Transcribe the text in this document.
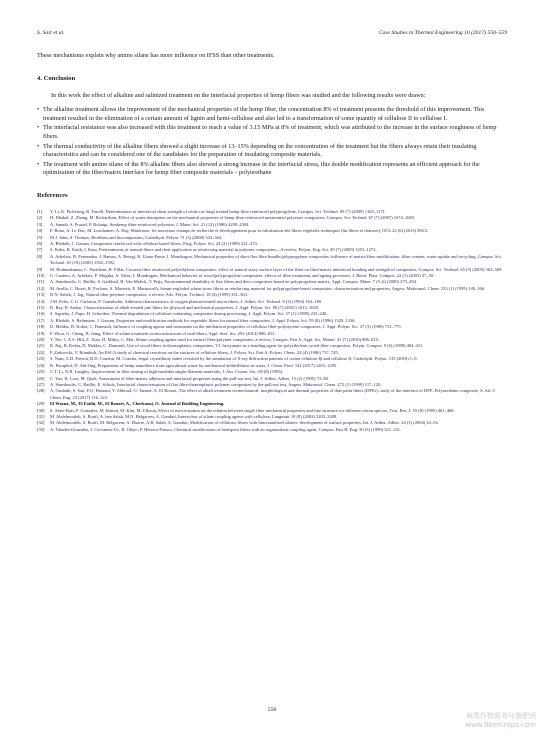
S. Sair et al.	Case Studies in Thermal Engineering 10 (2017) 550–559

These mechanisms explain why amino silane has more influence on IFSS than other treatments.

4. Conclusion

In this work the effect of alkaline and salinized treatment on the interfacial properties of hemp fibers was studied and the following results were drawn:

• The alkaline treatment allows the improvement of the mechanical properties of the hemp fiber, the concentration 8% of treatment presents the threshold of this improvement. This treatment resulted in the elimination of a certain amount of lignin and hemi-cellulose and also led to a transformation of some quantity of cellulose II to cellulose I.
• The interfacial resistance was also increased with this treatment to reach a value of 3.15 MPa at 8% of treatment, which was attributed to the increase in the surface roughness of hemp fibers.
• The thermal conductivity of the alkaline fibers showed a slight increase of 13–15% depending on the concentration of the treatment but the fibers always retain their insulating characteristics and can be considered one of the candidates for the preparation of insulating composite materials.
• The treatment with amino silane of the 8% alkaline fibers also showed a strong increase in the interfacial stress, this double modification represents an efficient approach for the optimization of the fiber/matrix interface for hemp fiber composite materials – polyurethane
References
[1]	Y. Li, K. Pickering, R. Farrell, Determination of interfacial shear strength of white rot fungi treated hemp fibre reinforced polypropylene, Compos. Sci. Technol. 69 (7) (2009) 1165–1171.
[2]	H. Dhakal, Z. Zhang, M. Richardson, Effect of water absorption on the mechanical properties of hemp fibre reinforced unsaturated polyester composites, Compos. Sci. Technol. 67 (7) (2007) 1674–1683.
[3]	A. Sanadi, S. Prasad, P. Rohatgi, Sunhemp fibre-reinforced polyester, J. Mater. Sci. 21 (12) (1986) 4299–4304.
[4]	F. Bono, A. Le Duc, M. Lonchamet, A. Day, Matériaux: les nouveaux champs de recherche et développement pour la valorisation des fibres végétales techniques (lin fibres et chanvre), OCL 22 (6) (2015) D613.
[5]	M.J. John, S. Thomas, Biofibres and biocomposites, Carbohydr. Polym. 71 (3) (2008) 343–364.
[6]	A. Bledzki, J. Gassan, Composites reinforced with cellulose based fibres, Prog. Polym. Sci. 24 (2) (1999) 221–274.
[7]	S. Kalia, B. Kaith, I. Kaur, Pretreatments of natural fibers and their application as reinforcing material in polymer composites—A review, Polym. Eng. Sci. 49 (7) (2009) 1253–1272.
[8]	A. Arbelaiz, B. Fernandez, J. Ramos, A. Retegi, R. Llano-Ponte, I. Mondragon, Mechanical properties of short flax fibre bundle/polypropylene composites: influence of matrix/fibre modification, fibre content, water uptake and recycling, Compos. Sci. Technol. 65 (10) (2005) 1582–1592.
[9]	M. Brahmakumar, C. Pavithran, R. Pillai, Coconut fibre reinforced polyethylene composites: effect of natural waxy surface layer of the fibre on fibre/matrix interfacial bonding and strength of composites, Compos. Sci. Technol. 65 (3) (2005) 563–569.
[10]	G. Cantero, A. Arbelaiz, F. Mugika, A. Valea, I. Mondragon, Mechanical behavior of wood/polypropylene composites: effects of fibre treatments and ageing processes, J. Reinf. Plast. Compos. 22 (1) (2003) 37–50.
[11]	A. Stamboulis, C. Baillie, S. Garkhail, H. Van Melick, T. Peijs, Environmental durability of flax fibres and their composites based on polypropylene matrix, Appl. Compos. Mater. 7 (5–6) (2000) 273–294.
[12]	M. Avella, C. Bozzi, R. Forfone, A. Marzetti, E. Martuscelli, Steam-exploded wheat straw fibres as reinforcing material for polypropylene-based composites. characterization and properties, Angew. Makromol. Chem. 233 (1) (1995) 149–166.
[13]	D.N. Saheb, J. Jog, Natural fiber polymer composites: a review, Adv. Polym. Technol. 18 (4) (1999) 351–363.
[14]	J.M. Felix, C.G. Carlsson, P. Gatenholm, Adhesion characteristics of oxygen plasma-treated rayon fibers, J. Adhes. Sci. Technol. 8 (2) (1994) 163–180.
[15]	D. Ray, B. Sarkar, Characterization of alkali-treated jute fibers for physical and mechanical properties, J. Appl. Polym. Sci. 80 (7) (2001) 1013–1020.
[16]	S. Sapieha, J. Pupo, H. Schreiber, Thermal degradation of cellulose-containing composites during processing, J. Appl. Polym. Sci. 37 (1) (1989) 233–240.
[17]	A. Bledzki, S. Reihmane, J. Gassan, Properties and modification methods for vegetable fibers for natural fiber composites, J. Appl. Polym. Sci. 59 (8) (1996) 1329–1336.
[18]	D. Maldas, B. Kokta, C. Daneault, Influence of coupling agents and treatments on the mechanical properties of cellulose fiber-polystyrene composites, J. Appl. Polym. Sci. 37 (3) (1989) 751–775.
[19]	F. Zhou, G. Cheng, B. Jiang, Effect of silane treatment on microstructure of sisal fibers, Appl. Surf. Sci. 292 (2014) 806–812.
[20]	Y. Xie, C.A.S. Hill, Z. Xiao, H. Militz, C. Mai, Silane coupling agents used for natural fiber/polymer composites: a review, Compos. Part A: Appl. Sci. Manuf. 41 (7) (2010) 806–819.
[21]	R. Raj, B. Kokta, D. Maldas, C. Daneault, Use of wood fibers in thermoplastic composites: VI. Isocyanate as a bonding agent for polyethylene–wood fiber composites, Polym. Compos. 9 (6) (1988) 404–411.
[22]	P. Zadorecki, T. Rönnhult, An ESCA study of chemical reactions on the surfaces of cellulose fibers, J. Polym. Sci. Part A: Polym. Chem. 24 (4) (1986) 737–745.
[23]	S. Nam, A.D. French, B.D. Condon, M. Concha, Segal crystallinity index revisited by the simulation of X-ray diffraction patterns of cotton cellulose Iβ and cellulose II, Carbohydr. Polym. 135 (2016) 1–9.
[24]	K. Pacaphol, D. Aht-Ong, Preparation of hemp nanofibers from agricultural waste by mechanical defibrillation in water, J. Clean. Prod. 142 (2017) 1283–1295.
[25]	C.T. Li, N.R. Langley, Improvement in fiber testing of high-modulus single-filament materials, J. Am. Ceram. Soc. 68 (8) (1985).
[26]	C. Yue, H. Looi, M. Quek, Assessment of fibre-matrix adhesion and interfacial properties using the pull-out test, Int. J. Adhes. Adhes. 15 (2) (1995) 73–80.
[27]	A. Stamboulis, C. Baillie, E. Schulz, Interfacial characterisation of flax fibre-thermoplastic polymer composites by the pull-out test, Angew. Makromol. Chem. 272 (1) (1999) 117–120.
[28]	A. Oushabi, S. Sair, F.O. Hassani, Y. Abboud, O. Tanane, A. El Bouari, The effect of alkali treatment on mechanical, morphological and thermal properties of date palm fibers (DPFs): study of the interface of DPF–Polyurethane composite, S. Afr. J. Chem. Eng. 23 (2017) 116–123.
[29]	El Wazna, M., El Fatihi, M., El Bouari, A., Cherkaoui, O. Journal of Building Engineering.
[30]	S. Alavi-Rafi, F. Gonzalez, M. Kamal, M. Kim, M. Elkoun, Effect of mercerization on the relation between single fiber mechanical properties and fine structure for different cotton species, Text. Res. J. 55 (8) (1985) 461–468.
[31]	M. Abdelmouleh, S. Boufi, A. ben Salah, M.N. Belgacem, A. Gandini, Interaction of silane coupling agents with cellulose, Langmuir 18 (8) (2002) 3203–3208.
[32]	M. Abdelmouleh, S. Boufi, M. Belgacem, A. Duarte, A.B. Salah, A. Gandini, Modification of cellulosic fibres with functionalised silanes: development of surface properties, Int. J. Adhes. Adhes. 24 (1) (2004) 43–54.
[33]	A. Valadez-Gonzalez, J. Cervantes-Uc, R. Olayo, P. Herrera-Franco, Chemical modification of henequen fibers with an organosilane coupling agent, Compos. Part B: Eng. 30 (3) (1999) 321–331.
558
麻类作物营养与施肥网
www.fibercrops.com
